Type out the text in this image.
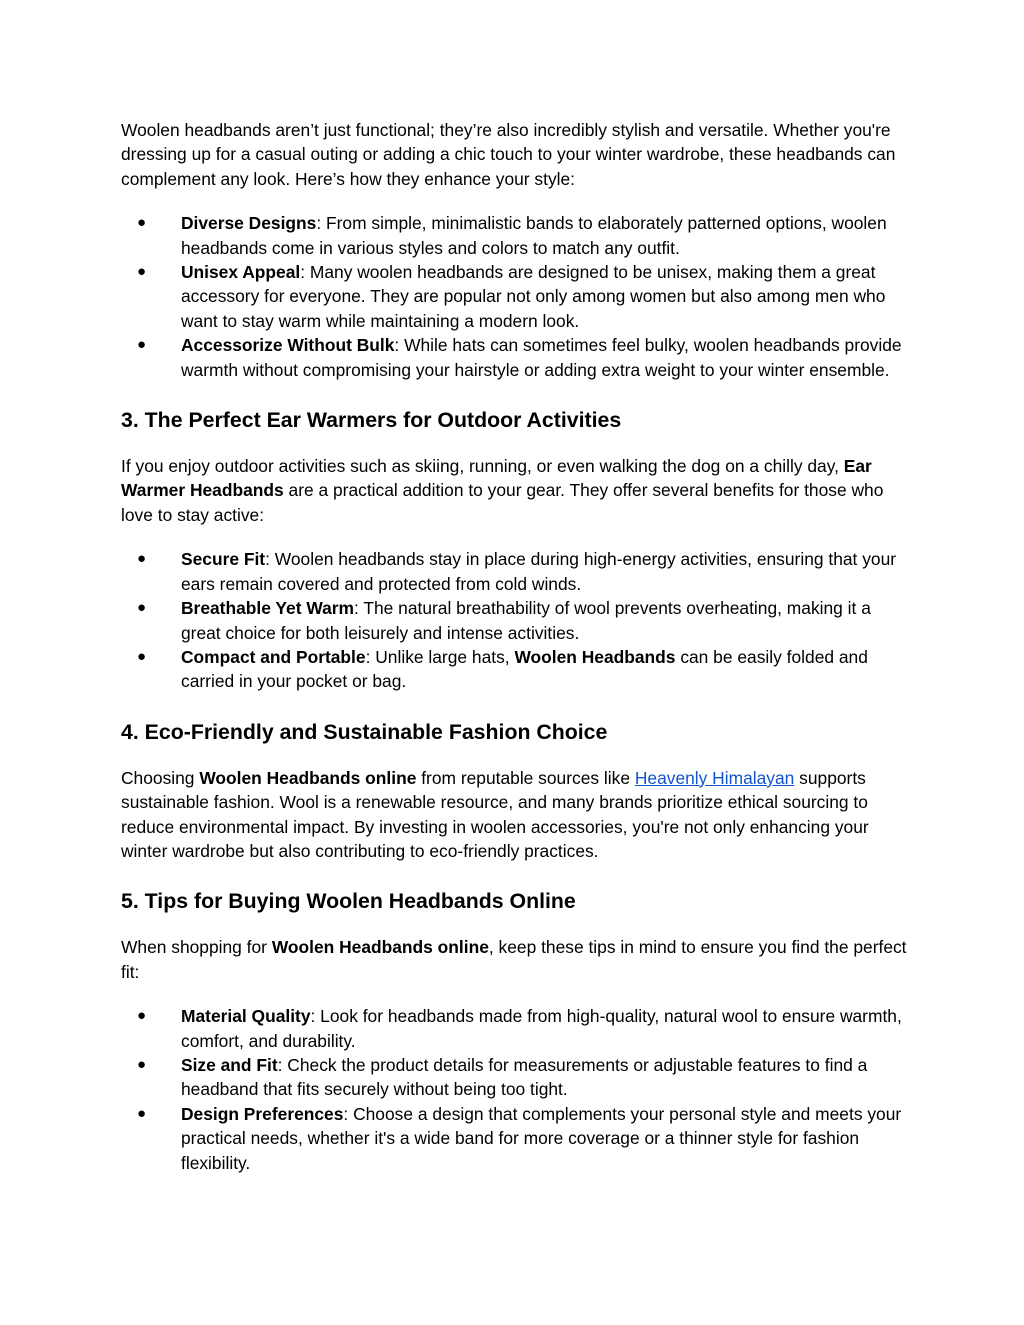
Woolen headbands aren’t just functional; they’re also incredibly stylish and versatile. Whether you're dressing up for a casual outing or adding a chic touch to your winter wardrobe, these headbands can complement any look. Here’s how they enhance your style:

● Diverse Designs: From simple, minimalistic bands to elaborately patterned options, woolen headbands come in various styles and colors to match any outfit.
● Unisex Appeal: Many woolen headbands are designed to be unisex, making them a great accessory for everyone. They are popular not only among women but also among men who want to stay warm while maintaining a modern look.
● Accessorize Without Bulk: While hats can sometimes feel bulky, woolen headbands provide warmth without compromising your hairstyle or adding extra weight to your winter ensemble.
3. The Perfect Ear Warmers for Outdoor Activities

If you enjoy outdoor activities such as skiing, running, or even walking the dog on a chilly day, Ear Warmer Headbands are a practical addition to your gear. They offer several benefits for those who love to stay active:

● Secure Fit: Woolen headbands stay in place during high-energy activities, ensuring that your ears remain covered and protected from cold winds.
● Breathable Yet Warm: The natural breathability of wool prevents overheating, making it a great choice for both leisurely and intense activities.
● Compact and Portable: Unlike large hats, Woolen Headbands can be easily folded and carried in your pocket or bag.
4. Eco-Friendly and Sustainable Fashion Choice

Choosing Woolen Headbands online from reputable sources like Heavenly Himalayan supports sustainable fashion. Wool is a renewable resource, and many brands prioritize ethical sourcing to reduce environmental impact. By investing in woolen accessories, you're not only enhancing your winter wardrobe but also contributing to eco-friendly practices.

5. Tips for Buying Woolen Headbands Online

When shopping for Woolen Headbands online, keep these tips in mind to ensure you find the perfect fit:

● Material Quality: Look for headbands made from high-quality, natural wool to ensure warmth, comfort, and durability.
● Size and Fit: Check the product details for measurements or adjustable features to find a headband that fits securely without being too tight.
● Design Preferences: Choose a design that complements your personal style and meets your practical needs, whether it's a wide band for more coverage or a thinner style for fashion flexibility.
